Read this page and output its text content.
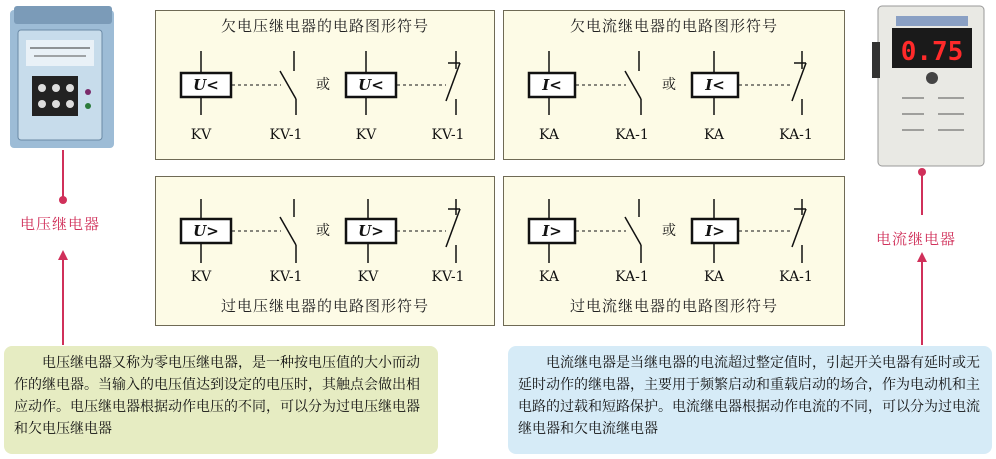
电压继电器
0.75
电流继电器
欠电压继电器的电路图形符号
U<	或 U<
KV	KV-1	KV	KV-1
欠电流继电器的电路图形符号
I<	或 I<
KA	KA-1	KA	KA-1
U>	或 U>
KV	KV-1	KV	KV-1
过电压继电器的电路图形符号
I>	或 I>
KA	KA-1	KA	KA-1
过电流继电器的电路图形符号
电压继电器又称为零电压继电器，是一种按电压值的大小而动作的继电器。当输入的电压值达到设定的电压时，其触点会做出相应动作。电压继电器根据动作电压的不同，可以分为过电压继电器和欠电压继电器
电流继电器是当继电器的电流超过整定值时，引起开关电器有延时或无延时动作的继电器，主要用于频繁启动和重载启动的场合，作为电动机和主电路的过载和短路保护。电流继电器根据动作电流的不同，可以分为过电流继电器和欠电流继电器
